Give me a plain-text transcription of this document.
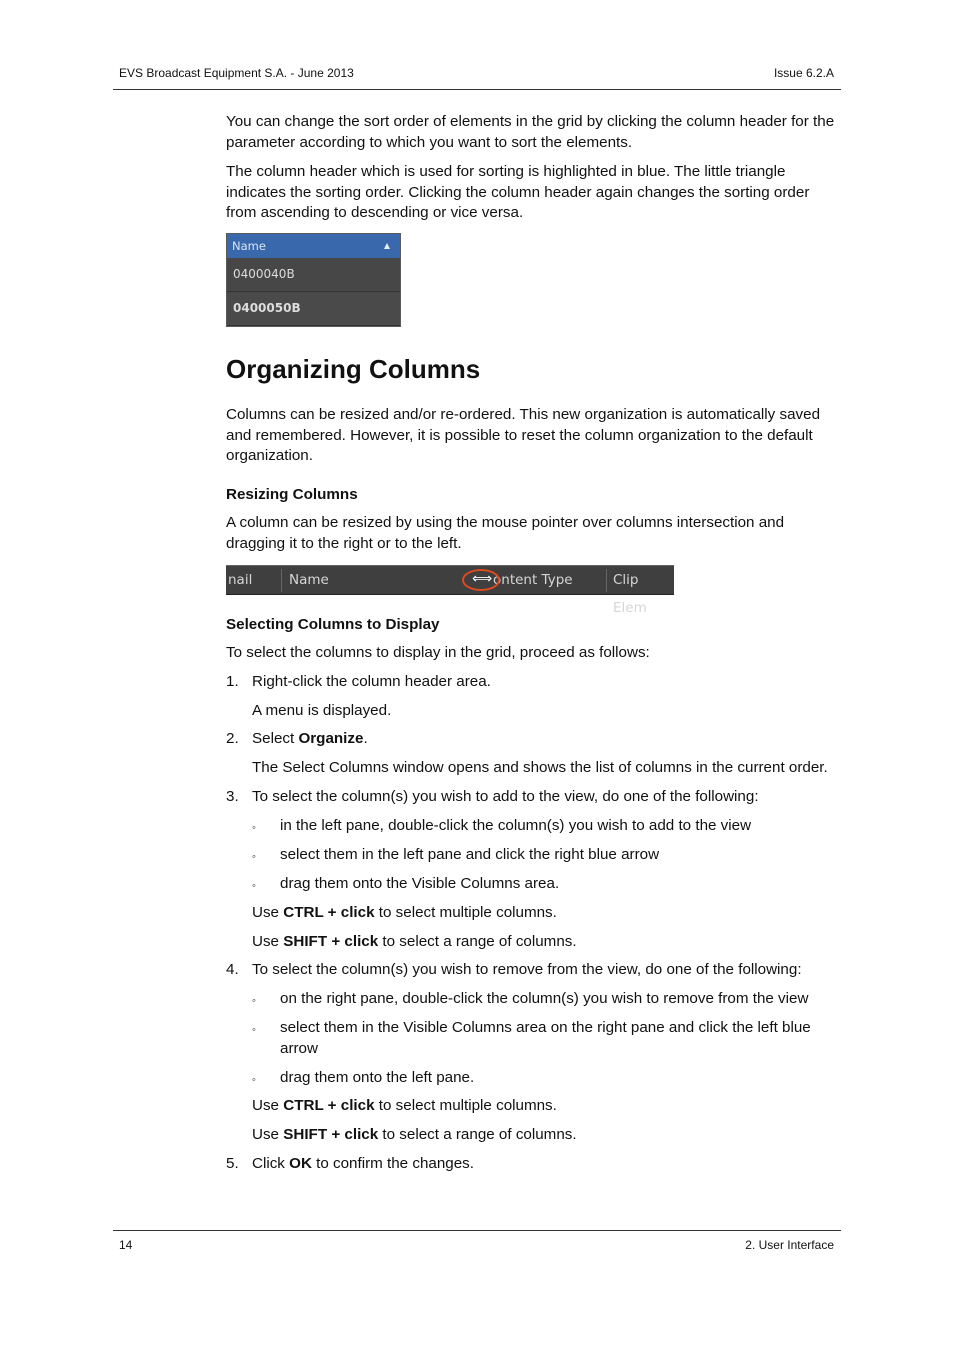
EVS Broadcast Equipment S.A. - June 2013	Issue 6.2.A

You can change the sort order of elements in the grid by clicking the column header for the parameter according to which you want to sort the elements.

The column header which is used for sorting is highlighted in blue. The little triangle indicates the sorting order. Clicking the column header again changes the sorting order from ascending to descending or vice versa.

Name
0400040B
0400050B
Organizing Columns

Columns can be resized and/or re-ordered. This new organization is automatically saved and remembered. However, it is possible to reset the column organization to the default organization.

Resizing Columns

A column can be resized by using the mouse pointer over columns intersection and dragging it to the right or to the left.

nail	Name	ontent Type	Clip Elem
⟺

Selecting Columns to Display

To select the columns to display in the grid, proceed as follows:

1. Right-click the column header area.
A menu is displayed.
2. Select Organize.
The Select Columns window opens and shows the list of columns in the current order.
3. To select the column(s) you wish to add to the view, do one of the following:
◦ in the left pane, double-click the column(s) you wish to add to the view
◦ select them in the left pane and click the right blue arrow
◦ drag them onto the Visible Columns area.
Use CTRL + click to select multiple columns.
Use SHIFT + click to select a range of columns.
4. To select the column(s) you wish to remove from the view, do one of the following:
◦ on the right pane, double-click the column(s) you wish to remove from the view
◦ select them in the Visible Columns area on the right pane and click the left blue arrow
◦ drag them onto the left pane.
Use CTRL + click to select multiple columns.
Use SHIFT + click to select a range of columns.
5. Click OK to confirm the changes.
14	2. User Interface
